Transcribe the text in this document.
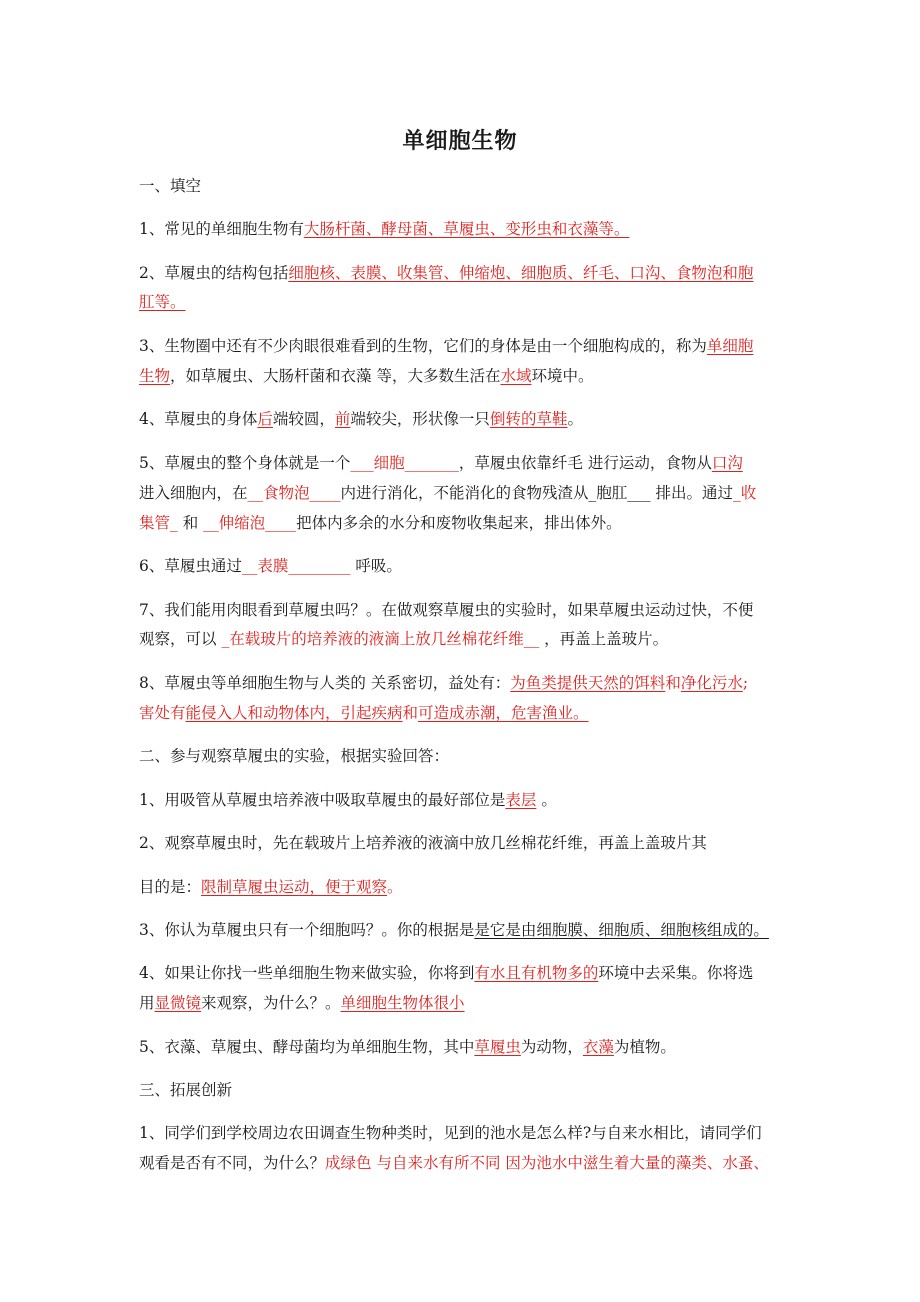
单细胞生物
一、填空
1、常见的单细胞生物有大肠杆菌、酵母菌、草履虫、变形虫和衣藻等。
2、草履虫的结构包括细胞核、表膜、收集管、伸缩炮、细胞质、纤毛、口沟、食物泡和胞
肛等。
3、生物圈中还有不少肉眼很难看到的生物，它们的身体是由一个细胞构成的，称为单细胞
生物，如草履虫、大肠杆菌和衣藻 等，大多数生活在水域环境中。
4、草履虫的身体后端较圆，前端较尖，形状像一只倒转的草鞋。
5、草履虫的整个身体就是一个___细胞_______，草履虫依靠纤毛 进行运动，食物从口沟
进入细胞内，在__食物泡____内进行消化，不能消化的食物残渣从_胞肛___ 排出。通过_收
集管_ 和 __伸缩泡____把体内多余的水分和废物收集起来，排出体外。
6、草履虫通过__表膜________ 呼吸。
7、我们能用肉眼看到草履虫吗？。在做观察草履虫的实验时，如果草履虫运动过快，不便
观察，可以 _在载玻片的培养液的液滴上放几丝棉花纤维__ ，再盖上盖玻片。
8、草履虫等单细胞生物与人类的 关系密切，益处有：为鱼类提供天然的饵料和净化污水;
害处有能侵入人和动物体内，引起疾病和可造成赤潮，危害渔业。
二、参与观察草履虫的实验，根据实验回答：
1、用吸管从草履虫培养液中吸取草履虫的最好部位是表层 。
2、观察草履虫时，先在载玻片上培养液的液滴中放几丝棉花纤维，再盖上盖玻片其
目的是：限制草履虫运动，便于观察。
3、你认为草履虫只有一个细胞吗？。你的根据是是它是由细胞膜、细胞质、细胞核组成的。
4、如果让你找一些单细胞生物来做实验，你将到有水且有机物多的环境中去采集。你将选
用显微镜来观察，为什么？。单细胞生物体很小
5、衣藻、草履虫、酵母菌均为单细胞生物，其中草履虫为动物，衣藻为植物。
三、拓展创新
1、同学们到学校周边农田调查生物种类时，见到的池水是怎么样?与自来水相比，请同学们
观看是否有不同，为什么？成绿色 与自来水有所不同 因为池水中滋生着大量的藻类、水蚤、
